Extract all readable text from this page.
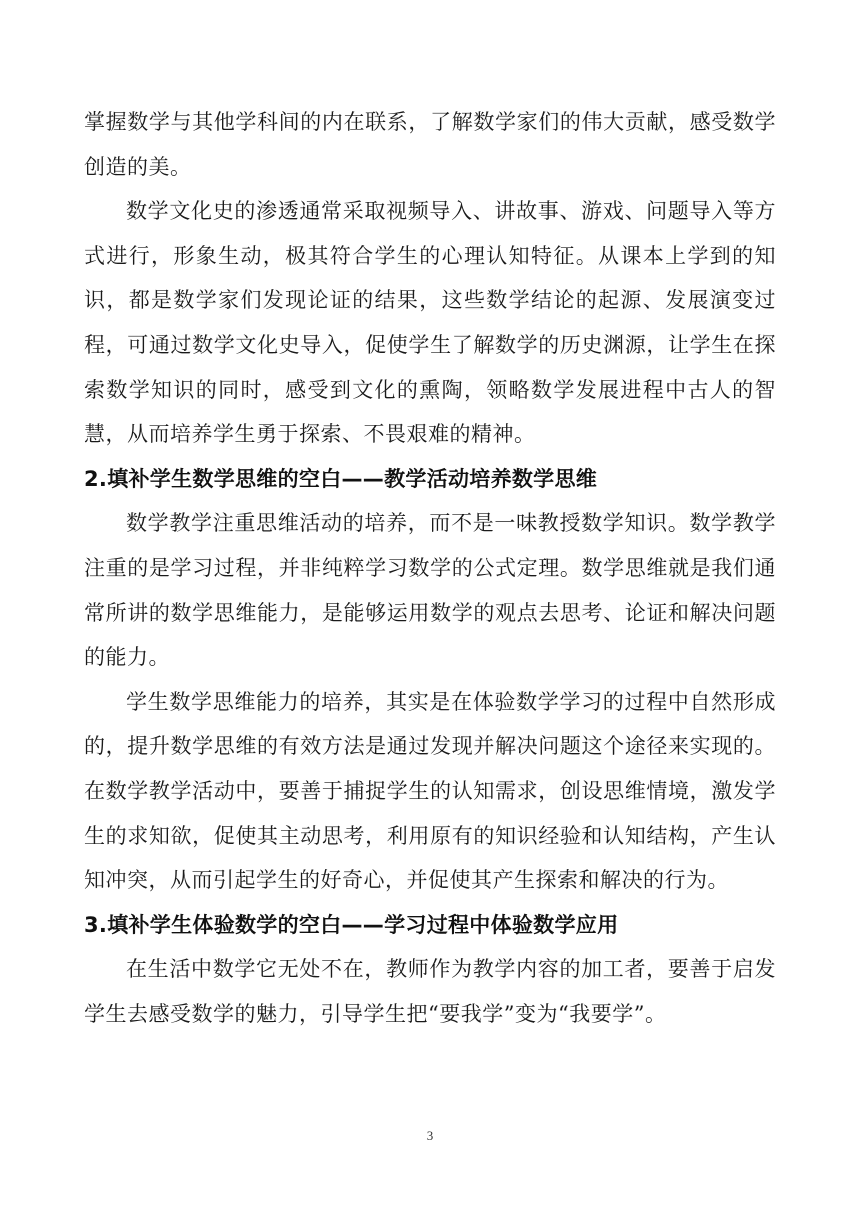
掌握数学与其他学科间的内在联系，了解数学家们的伟大贡献，感受数学创造的美。

数学文化史的渗透通常采取视频导入、讲故事、游戏、问题导入等方式进行，形象生动，极其符合学生的心理认知特征。从课本上学到的知识，都是数学家们发现论证的结果，这些数学结论的起源、发展演变过程，可通过数学文化史导入，促使学生了解数学的历史渊源，让学生在探索数学知识的同时，感受到文化的熏陶，领略数学发展进程中古人的智慧，从而培养学生勇于探索、不畏艰难的精神。

2.填补学生数学思维的空白——教学活动培养数学思维

数学教学注重思维活动的培养，而不是一味教授数学知识。数学教学注重的是学习过程，并非纯粹学习数学的公式定理。数学思维就是我们通常所讲的数学思维能力，是能够运用数学的观点去思考、论证和解决问题的能力。

学生数学思维能力的培养，其实是在体验数学学习的过程中自然形成的，提升数学思维的有效方法是通过发现并解决问题这个途径来实现的。在数学教学活动中，要善于捕捉学生的认知需求，创设思维情境，激发学生的求知欲，促使其主动思考，利用原有的知识经验和认知结构，产生认知冲突，从而引起学生的好奇心，并促使其产生探索和解决的行为。

3.填补学生体验数学的空白——学习过程中体验数学应用

在生活中数学它无处不在，教师作为教学内容的加工者，要善于启发学生去感受数学的魅力，引导学生把“要我学”变为“我要学”。

3
